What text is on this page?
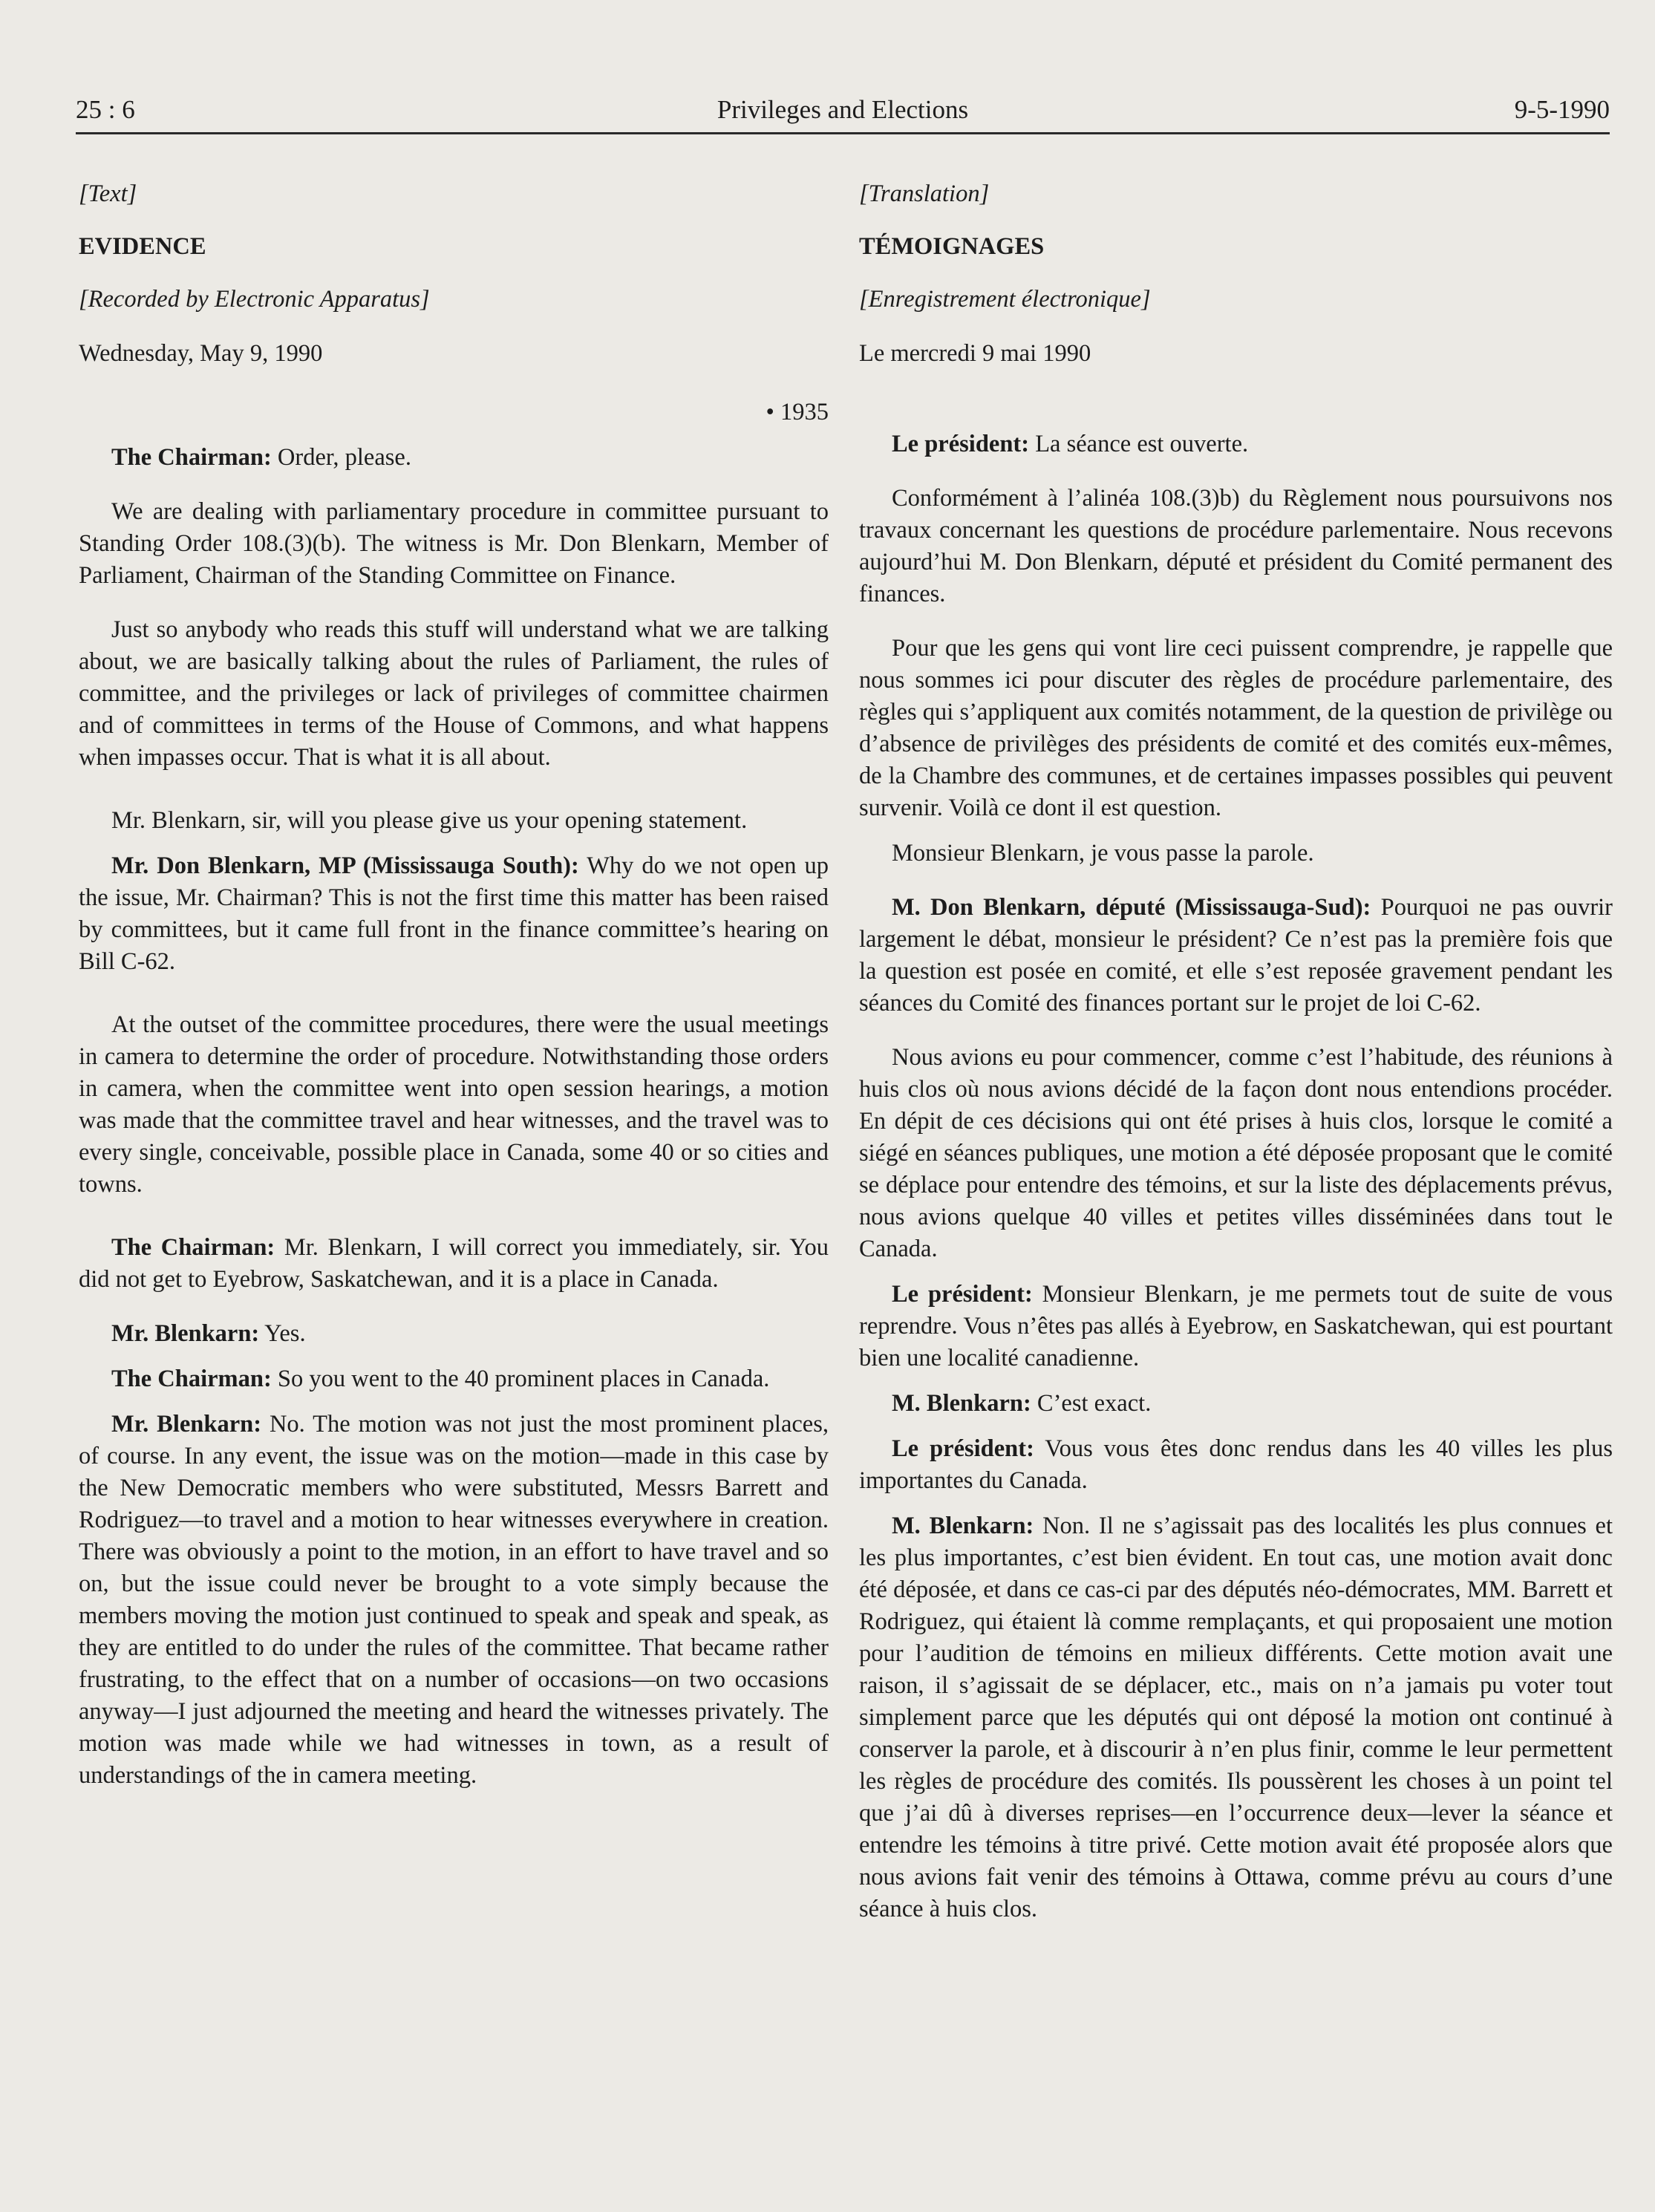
25 : 6	Privileges and Elections	9-5-1990

[Text]

EVIDENCE

[Recorded by Electronic Apparatus]

Wednesday, May 9, 1990

• 1935

The Chairman: Order, please.

We are dealing with parliamentary procedure in committee pursuant to Standing Order 108.(3)(b). The witness is Mr. Don Blenkarn, Member of Parliament, Chairman of the Standing Committee on Finance.

Just so anybody who reads this stuff will understand what we are talking about, we are basically talking about the rules of Parliament, the rules of committee, and the privileges or lack of privileges of committee chairmen and of committees in terms of the House of Commons, and what happens when impasses occur. That is what it is all about.

Mr. Blenkarn, sir, will you please give us your opening statement.

Mr. Don Blenkarn, MP (Mississauga South): Why do we not open up the issue, Mr. Chairman? This is not the first time this matter has been raised by committees, but it came full front in the finance committee’s hearing on Bill C-62.

At the outset of the committee procedures, there were the usual meetings in camera to determine the order of procedure. Notwithstanding those orders in camera, when the committee went into open session hearings, a motion was made that the committee travel and hear witnesses, and the travel was to every single, conceivable, possible place in Canada, some 40 or so cities and towns.

The Chairman: Mr. Blenkarn, I will correct you immediately, sir. You did not get to Eyebrow, Saskatchewan, and it is a place in Canada.

Mr. Blenkarn: Yes.

The Chairman: So you went to the 40 prominent places in Canada.

Mr. Blenkarn: No. The motion was not just the most prominent places, of course. In any event, the issue was on the motion—made in this case by the New Democratic members who were substituted, Messrs Barrett and Rodriguez—to travel and a motion to hear witnesses everywhere in creation. There was obviously a point to the motion, in an effort to have travel and so on, but the issue could never be brought to a vote simply because the members moving the motion just continued to speak and speak and speak, as they are entitled to do under the rules of the committee. That became rather frustrating, to the effect that on a number of occasions—on two occasions anyway—I just adjourned the meeting and heard the witnesses privately. The motion was made while we had witnesses in town, as a result of understandings of the in camera meeting.

[Translation]

TÉMOIGNAGES

[Enregistrement électronique]

Le mercredi 9 mai 1990

Le président: La séance est ouverte.

Conformément à l’alinéa 108.(3)b) du Règlement nous poursuivons nos travaux concernant les questions de procédure parlementaire. Nous recevons aujourd’hui M. Don Blenkarn, député et président du Comité permanent des finances.

Pour que les gens qui vont lire ceci puissent comprendre, je rappelle que nous sommes ici pour discuter des règles de procédure parlementaire, des règles qui s’appliquent aux comités notamment, de la question de privilège ou d’absence de privilèges des présidents de comité et des comités eux-mêmes, de la Chambre des communes, et de certaines impasses possibles qui peuvent survenir. Voilà ce dont il est question.

Monsieur Blenkarn, je vous passe la parole.

M. Don Blenkarn, député (Mississauga-Sud): Pourquoi ne pas ouvrir largement le débat, monsieur le président? Ce n’est pas la première fois que la question est posée en comité, et elle s’est reposée gravement pendant les séances du Comité des finances portant sur le projet de loi C-62.

Nous avions eu pour commencer, comme c’est l’habitude, des réunions à huis clos où nous avions décidé de la façon dont nous entendions procéder. En dépit de ces décisions qui ont été prises à huis clos, lorsque le comité a siégé en séances publiques, une motion a été déposée proposant que le comité se déplace pour entendre des témoins, et sur la liste des déplacements prévus, nous avions quelque 40 villes et petites villes disséminées dans tout le Canada.

Le président: Monsieur Blenkarn, je me permets tout de suite de vous reprendre. Vous n’êtes pas allés à Eyebrow, en Saskatchewan, qui est pourtant bien une localité canadienne.

M. Blenkarn: C’est exact.

Le président: Vous vous êtes donc rendus dans les 40 villes les plus importantes du Canada.

M. Blenkarn: Non. Il ne s’agissait pas des localités les plus connues et les plus importantes, c’est bien évident. En tout cas, une motion avait donc été déposée, et dans ce cas-ci par des députés néo-démocrates, MM. Barrett et Rodriguez, qui étaient là comme remplaçants, et qui proposaient une motion pour l’audition de témoins en milieux différents. Cette motion avait une raison, il s’agissait de se déplacer, etc., mais on n’a jamais pu voter tout simplement parce que les députés qui ont déposé la motion ont continué à conserver la parole, et à discourir à n’en plus finir, comme le leur permettent les règles de procédure des comités. Ils poussèrent les choses à un point tel que j’ai dû à diverses reprises—en l’occurrence deux—lever la séance et entendre les témoins à titre privé. Cette motion avait été proposée alors que nous avions fait venir des témoins à Ottawa, comme prévu au cours d’une séance à huis clos.
